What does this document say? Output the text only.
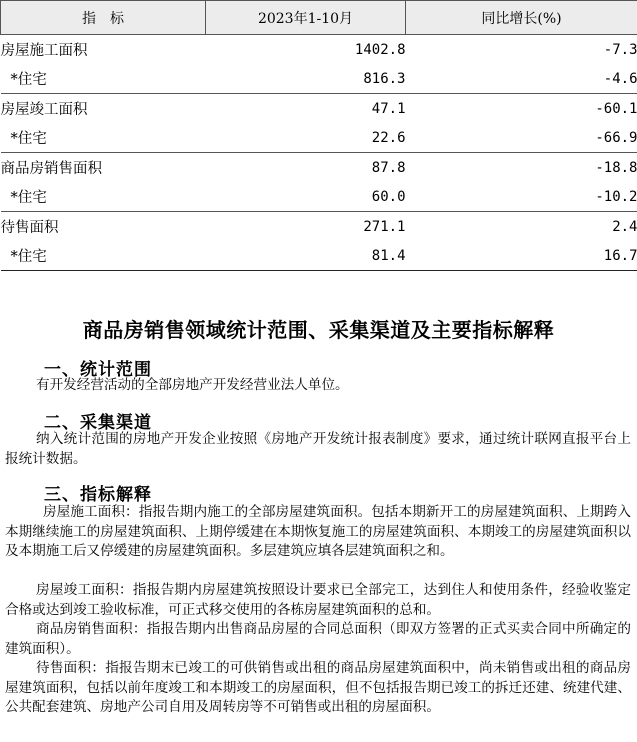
指　标	2023年1-10月	同比增长(%)
房屋施工面积	1402.8	-7.3
*住宅	816.3	-4.6
房屋竣工面积	47.1	-60.1
*住宅	22.6	-66.9
商品房销售面积	87.8	-18.8
*住宅	60.0	-10.2
待售面积	271.1	2.4
*住宅	81.4	16.7
商品房销售领域统计范围、采集渠道及主要指标解释
一、统计范围

有开发经营活动的全部房地产开发经营业法人单位。

二、采集渠道

纳入统计范围的房地产开发企业按照《房地产开发统计报表制度》要求，通过统计联网直报平台上报统计数据。

三、指标解释

房屋施工面积：指报告期内施工的全部房屋建筑面积。包括本期新开工的房屋建筑面积、上期跨入本期继续施工的房屋建筑面积、上期停缓建在本期恢复施工的房屋建筑面积、本期竣工的房屋建筑面积以及本期施工后又停缓建的房屋建筑面积。多层建筑应填各层建筑面积之和。

房屋竣工面积：指报告期内房屋建筑按照设计要求已全部完工，达到住人和使用条件，经验收鉴定合格或达到竣工验收标准，可正式移交使用的各栋房屋建筑面积的总和。

商品房销售面积：指报告期内出售商品房屋的合同总面积（即双方签署的正式买卖合同中所确定的建筑面积）。

待售面积：指报告期末已竣工的可供销售或出租的商品房屋建筑面积中，尚未销售或出租的商品房屋建筑面积，包括以前年度竣工和本期竣工的房屋面积，但不包括报告期已竣工的拆迁还建、统建代建、公共配套建筑、房地产公司自用及周转房等不可销售或出租的房屋面积。
